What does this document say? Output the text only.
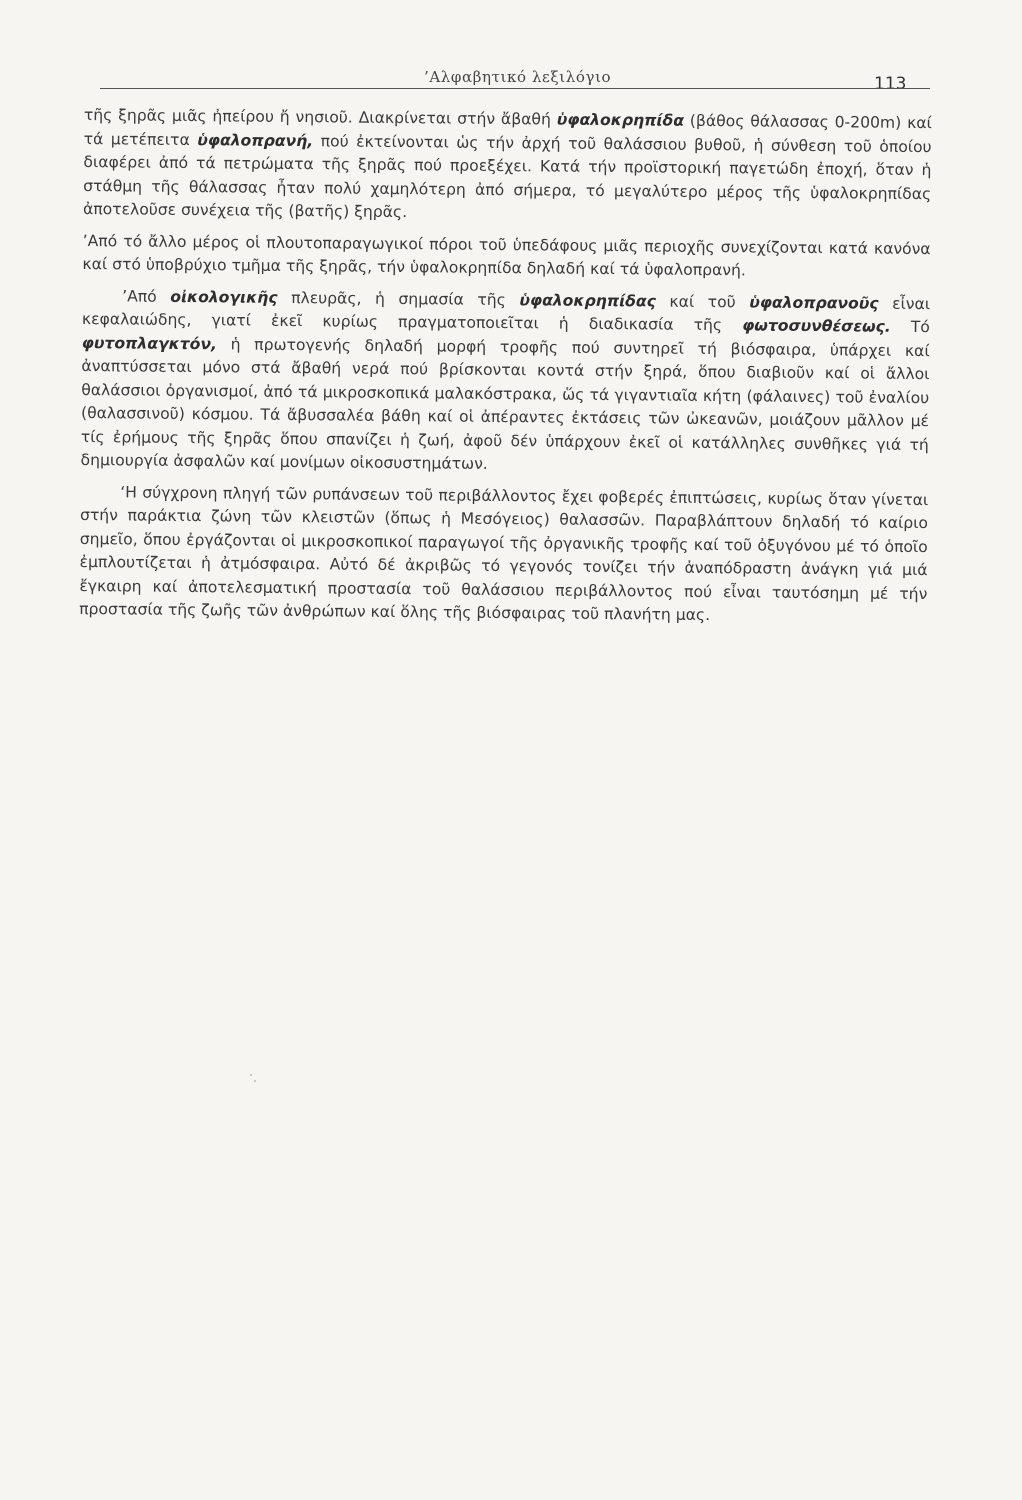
’Αλφαβητικό λεξιλόγιο	113

τῆς ξηρᾶς μιᾶς ἠπείρου ἤ νησιοῦ. Διακρίνεται στήν ἄβαθή ὑφαλοκρηπίδα (βάθος θάλασσας 0-200m) καί τά μετέπειτα ὑφαλοπρανή, πού ἐκτείνονται ὡς τήν ἀρχή τοῦ θαλάσσιου βυθοῦ, ἡ σύνθεση τοῦ ὁποίου διαφέρει ἀπό τά πετρώματα τῆς ξηρᾶς πού προεξέχει. Κατά τήν προϊστορική παγετώδη ἐποχή, ὅταν ἡ στάθμη τῆς θάλασσας ἦταν πολύ χαμηλότερη ἀπό σήμερα, τό μεγαλύτερο μέρος τῆς ὑφαλοκρηπίδας ἀποτελοῦσε συνέχεια τῆς (βατῆς) ξηρᾶς.

’Από τό ἄλλο μέρος οἱ πλουτοπαραγωγικοί πόροι τοῦ ὑπεδάφους μιᾶς περιοχῆς συνεχίζονται κατά κανόνα καί στό ὑποβρύχιο τμῆμα τῆς ξηρᾶς, τήν ὑφαλοκρηπίδα δηλαδή καί τά ὑφαλοπρανή.

’Από οἰκολογικῆς πλευρᾶς, ἡ σημασία τῆς ὑφαλοκρηπίδας καί τοῦ ὑφαλοπρανοῦς εἶναι κεφαλαιώδης, γιατί ἐκεῖ κυρίως πραγματοποιεῖται ἡ διαδικασία τῆς φωτοσυνθέσεως. Τό φυτοπλαγκτόν, ἡ πρωτογενής δηλαδή μορφή τροφῆς πού συντηρεῖ τή βιόσφαιρα, ὑπάρχει καί ἀναπτύσσεται μόνο στά ἄβαθή νερά πού βρίσκονται κοντά στήν ξηρά, ὅπου διαβιοῦν καί οἱ ἄλλοι θαλάσσιοι ὀργανισμοί, ἀπό τά μικροσκοπικά μαλακόστρακα, ὥς τά γιγαντιαῖα κήτη (φάλαινες) τοῦ ἐναλίου (θαλασσινοῦ) κόσμου. Τά ἄβυσσαλέα βάθη καί οἱ ἀπέραντες ἐκτάσεις τῶν ὠκεανῶν, μοιάζουν μᾶλλον μέ τίς ἐρήμους τῆς ξηρᾶς ὅπου σπανίζει ἡ ζωή, ἀφοῦ δέν ὑπάρχουν ἐκεῖ οἱ κατάλληλες συνθῆκες γιά τή δημιουργία ἀσφαλῶν καί μονίμων οἰκοσυστημάτων.

‘Η σύγχρονη πληγή τῶν ρυπάνσεων τοῦ περιβάλλοντος ἔχει φοβερές ἐπιπτώσεις, κυρίως ὅταν γίνεται στήν παράκτια ζώνη τῶν κλειστῶν (ὅπως ἡ Μεσόγειος) θαλασσῶν. Παραβλάπτουν δηλαδή τό καίριο σημεῖο, ὅπου ἐργάζονται οἱ μικροσκοπικοί παραγωγοί τῆς ὀργανικῆς τροφῆς καί τοῦ ὀξυγόνου μέ τό ὁποῖο ἐμπλουτίζεται ἡ ἀτμόσφαιρα. Αὐτό δέ ἀκριβῶς τό γεγονός τονίζει τήν ἀναπόδραστη ἀνάγκη γιά μιά ἔγκαιρη καί ἀποτελεσματική προστασία τοῦ θαλάσσιου περιβάλλοντος πού εἶναι ταυτόσημη μέ τήν προστασία τῆς ζωῆς τῶν ἀνθρώπων καί ὅλης τῆς βιόσφαιρας τοῦ πλανήτη μας.
